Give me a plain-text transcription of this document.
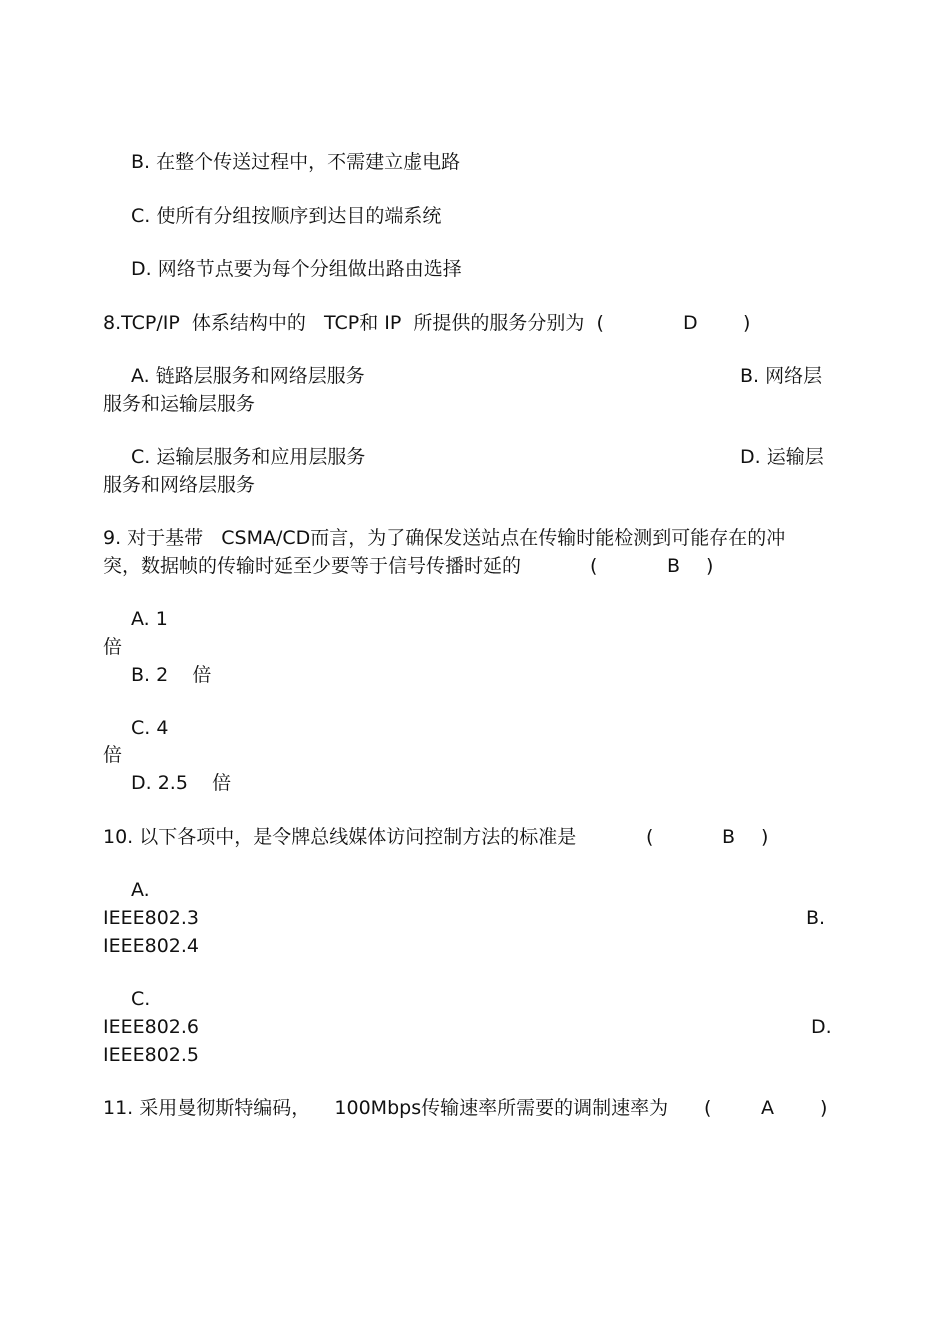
B. 在整个传送过程中，不需建立虚电路
C. 使所有分组按顺序到达目的端系统
D. 网络节点要为每个分组做出路由选择
8.TCP/IP  体系结构中的   TCP和 IP  所提供的服务分别为  (	D )
A. 链路层服务和网络层服务	B. 网络层
服务和运输层服务
C. 运输层服务和应用层服务	D. 运输层
服务和网络层服务
9. 对于基带   CSMA/CD而言，为了确保发送站点在传输时能检测到可能存在的冲
突，数据帧的传输时延至少要等于信号传播时延的	(	B )
A. 1
倍
B. 2    倍
C. 4
倍
D. 2.5    倍
10. 以下各项中，是令牌总线媒体访问控制方法的标准是	(	B )
A.
IEEE802.3	B.
IEEE802.4
C.
IEEE802.6	D.
IEEE802.5
11. 采用曼彻斯特编码，    100Mbps传输速率所需要的调制速率为 (	A )
